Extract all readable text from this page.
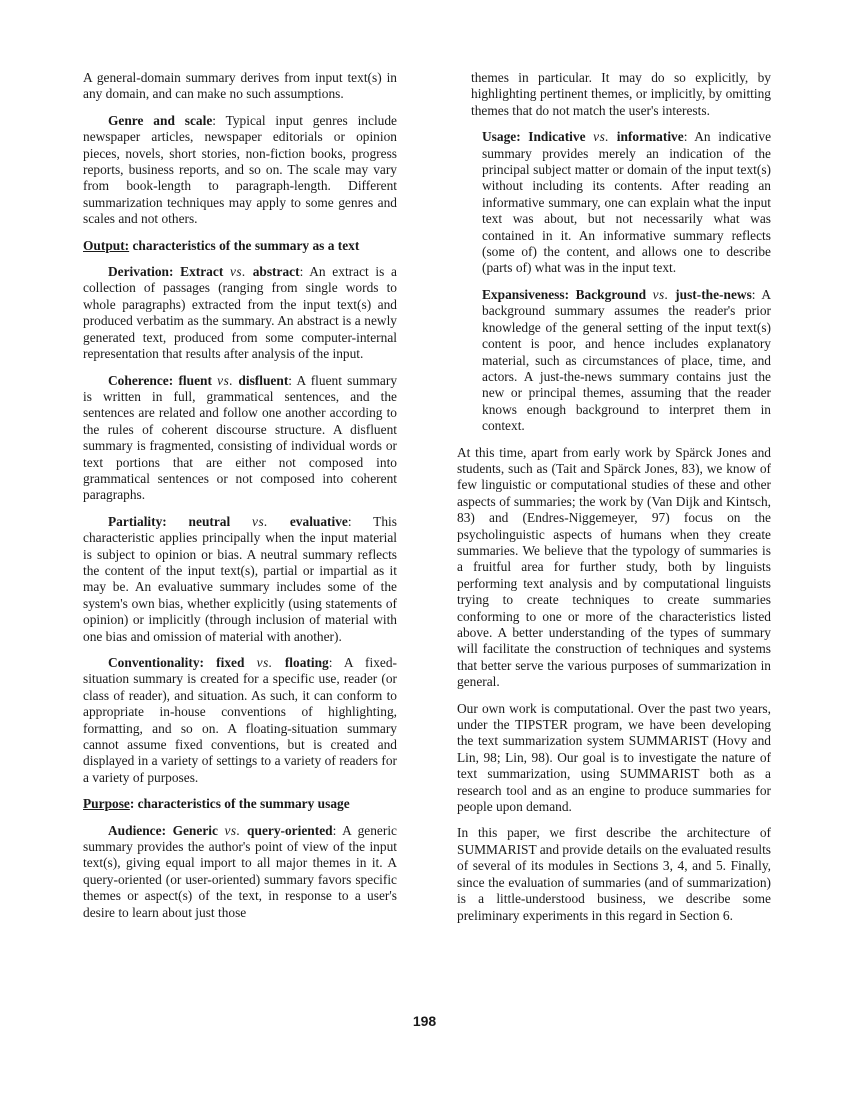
A general-domain summary derives from input text(s) in any domain, and can make no such assumptions.

Genre and scale: Typical input genres include newspaper articles, newspaper editorials or opinion pieces, novels, short stories, non-fiction books, progress reports, business reports, and so on. The scale may vary from book-length to paragraph-length. Different summarization techniques may apply to some genres and scales and not others.

Output: characteristics of the summary as a text

Derivation: Extract vs. abstract: An extract is a collection of passages (ranging from single words to whole paragraphs) extracted from the input text(s) and produced verbatim as the summary. An abstract is a newly generated text, produced from some computer-internal representation that results after analysis of the input.

Coherence: fluent vs. disfluent: A fluent summary is written in full, grammatical sentences, and the sentences are related and follow one another according to the rules of coherent discourse structure. A disfluent summary is fragmented, consisting of individual words or text portions that are either not composed into grammatical sentences or not composed into coherent paragraphs.

Partiality: neutral vs. evaluative: This characteristic applies principally when the input material is subject to opinion or bias. A neutral summary reflects the content of the input text(s), partial or impartial as it may be. An evaluative summary includes some of the system's own bias, whether explicitly (using statements of opinion) or implicitly (through inclusion of material with one bias and omission of material with another).

Conventionality: fixed vs. floating: A fixed-situation summary is created for a specific use, reader (or class of reader), and situation. As such, it can conform to appropriate in-house conventions of highlighting, formatting, and so on. A floating-situation summary cannot assume fixed conventions, but is created and displayed in a variety of settings to a variety of readers for a variety of purposes.

Purpose: characteristics of the summary usage

Audience: Generic vs. query-oriented: A generic summary provides the author's point of view of the input text(s), giving equal import to all major themes in it. A query-oriented (or user-oriented) summary favors specific themes or aspect(s) of the text, in response to a user's desire to learn about just those

themes in particular. It may do so explicitly, by highlighting pertinent themes, or implicitly, by omitting themes that do not match the user's interests.

Usage: Indicative vs. informative: An indicative summary provides merely an indication of the principal subject matter or domain of the input text(s) without including its contents. After reading an informative summary, one can explain what the input text was about, but not necessarily what was contained in it. An informative summary reflects (some of) the content, and allows one to describe (parts of) what was in the input text.

Expansiveness: Background vs. just-the-news: A background summary assumes the reader's prior knowledge of the general setting of the input text(s) content is poor, and hence includes explanatory material, such as circumstances of place, time, and actors. A just-the-news summary contains just the new or principal themes, assuming that the reader knows enough background to interpret them in context.

At this time, apart from early work by Spärck Jones and students, such as (Tait and Spärck Jones, 83), we know of few linguistic or computational studies of these and other aspects of summaries; the work by (Van Dijk and Kintsch, 83) and (Endres-Niggemeyer, 97) focus on the psycholinguistic aspects of humans when they create summaries. We believe that the typology of summaries is a fruitful area for further study, both by linguists performing text analysis and by computational linguists trying to create techniques to create summaries conforming to one or more of the characteristics listed above. A better understanding of the types of summary will facilitate the construction of techniques and systems that better serve the various purposes of summarization in general.

Our own work is computational. Over the past two years, under the TIPSTER program, we have been developing the text summarization system SUMMARIST (Hovy and Lin, 98; Lin, 98). Our goal is to investigate the nature of text summarization, using SUMMARIST both as a research tool and as an engine to produce summaries for people upon demand.

In this paper, we first describe the architecture of SUMMARIST and provide details on the evaluated results of several of its modules in Sections 3, 4, and 5. Finally, since the evaluation of summaries (and of summarization) is a little-understood business, we describe some preliminary experiments in this regard in Section 6.

198
